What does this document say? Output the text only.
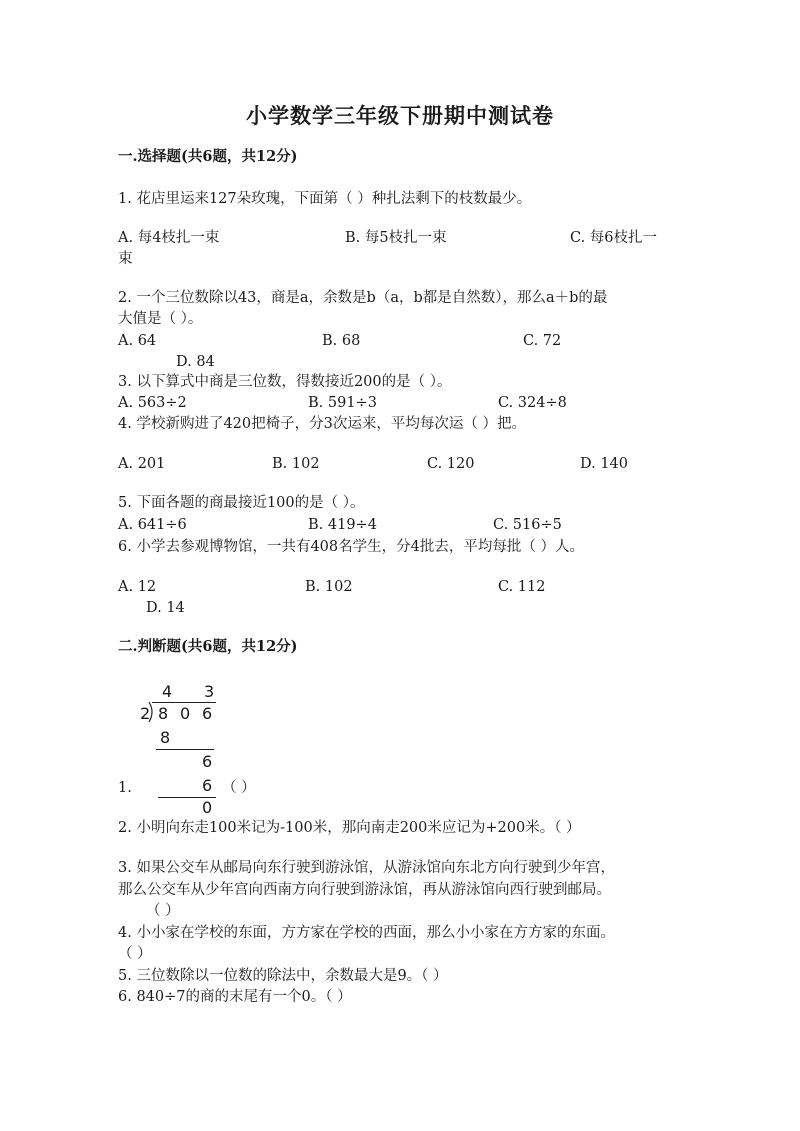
小学数学三年级下册期中测试卷
一.选择题(共6题，共12分)
1. 花店里运来127朵玫瑰，下面第（ ）种扎法剩下的枝数最少。
A. 每4枝扎一束	B. 每5枝扎一束	C. 每6枝扎一
束
2. 一个三位数除以43，商是a，余数是b（a，b都是自然数），那么a＋b的最
大值是（ ）。
A. 64	B. 68	C. 72
D. 84
3. 以下算式中商是三位数，得数接近200的是（ ）。
A. 563÷2	B. 591÷3	C. 324÷8
4. 学校新购进了420把椅子，分3次运来，平均每次运（ ）把。
A. 201	B. 102	C. 120	D. 140
5. 下面各题的商最接近100的是（ ）。
A. 641÷6	B. 419÷4	C. 516÷5
6. 小学去参观博物馆，一共有408名学生，分4批去，平均每批（ ）人。
A. 12	B. 102	C. 112
D. 14
二.判断题(共6题，共12分)
4 3
2 8 0 6
8
6
6
0
1.	（ ）
2. 小明向东走100米记为-100米，那向南走200米应记为+200米。（ ）
3. 如果公交车从邮局向东行驶到游泳馆，从游泳馆向东北方向行驶到少年宫，
那么公交车从少年宫向西南方向行驶到游泳馆，再从游泳馆向西行驶到邮局。
（ ）
4. 小小家在学校的东面，方方家在学校的西面，那么小小家在方方家的东面。
（ ）
5. 三位数除以一位数的除法中，余数最大是9。（ ）
6. 840÷7的商的末尾有一个0。（ ）
